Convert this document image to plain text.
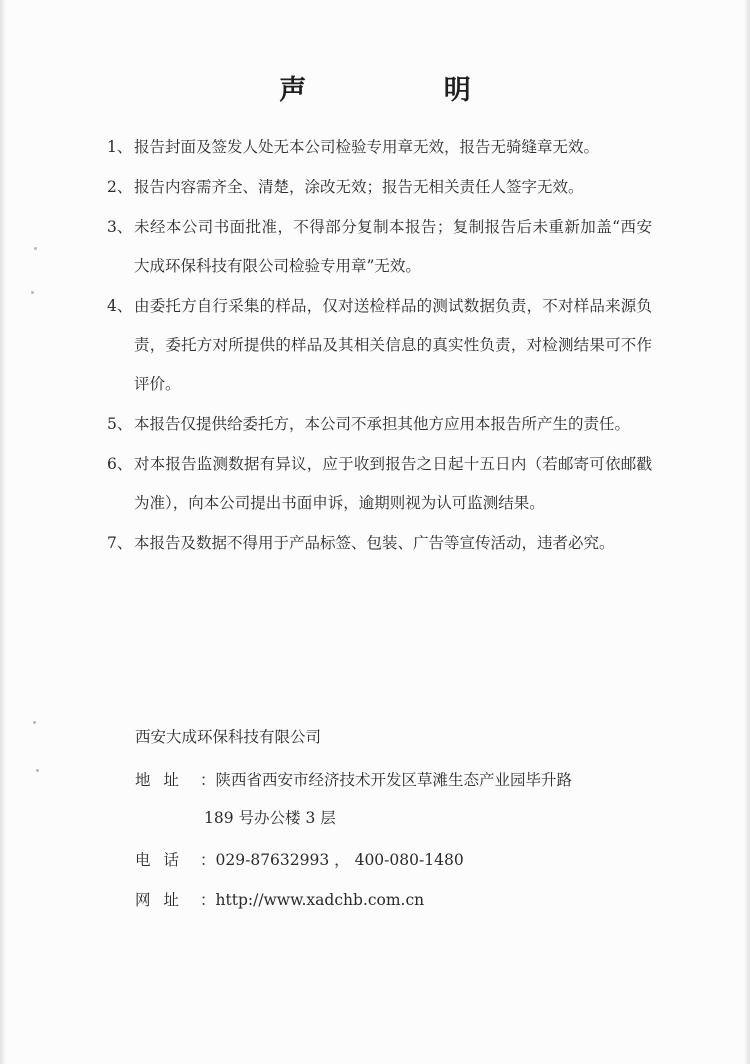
声 明
1、 报告封面及签发人处无本公司检验专用章无效，报告无骑缝章无效。
2、 报告内容需齐全、清楚，涂改无效；报告无相关责任人签字无效。
3、 未经本公司书面批准，不得部分复制本报告；复制报告后未重新加盖“西安大成环保科技有限公司检验专用章”无效。
4、 由委托方自行采集的样品，仅对送检样品的测试数据负责，不对样品来源负责，委托方对所提供的样品及其相关信息的真实性负责，对检测结果可不作评价。
5、 本报告仅提供给委托方，本公司不承担其他方应用本报告所产生的责任。
6、 对本报告监测数据有异议，应于收到报告之日起十五日内（若邮寄可依邮戳为准），向本公司提出书面申诉，逾期则视为认可监测结果。
7、 本报告及数据不得用于产品标签、包装、广告等宣传活动，违者必究。
西安大成环保科技有限公司
地 址 ：陕西省西安市经济技术开发区草滩生态产业园毕升路
189 号办公楼 3 层
电 话 ：029-87632993 ， 400-080-1480
网 址 ：http://www.xadchb.com.cn
